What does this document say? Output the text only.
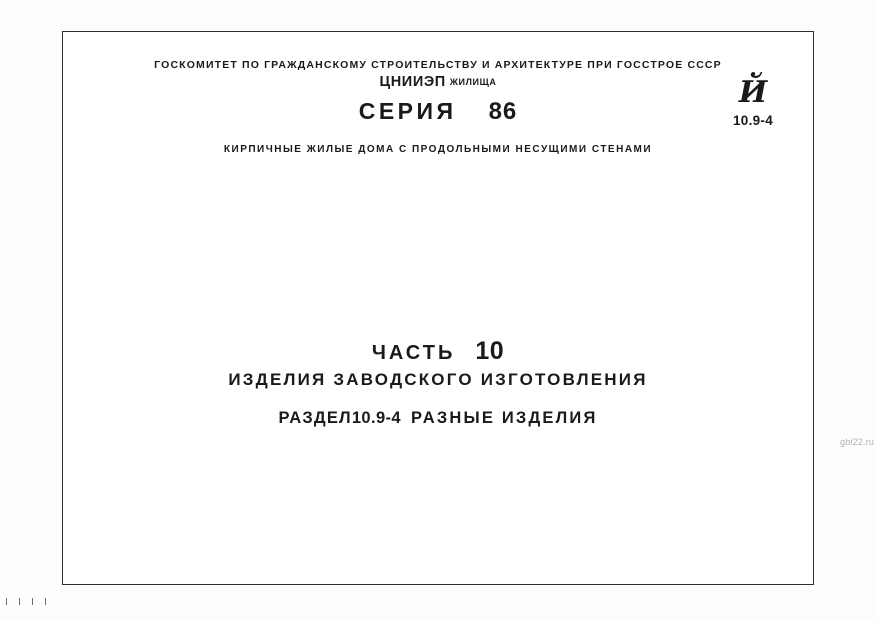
ГОСКОМИТЕТ ПО ГРАЖДАНСКОМУ СТРОИТЕЛЬСТВУ И АРХИТЕКТУРЕ ПРИ ГОССТРОЕ СССР
ЦНИИЭП ЖИЛИЩА
СЕРИЯ 86
КИРПИЧНЫЕ ЖИЛЫЕ ДОМА С ПРОДОЛЬНЫМИ НЕСУЩИМИ СТЕНАМИ
Й
10.9-4
ЧАСТЬ 10
ИЗДЕЛИЯ ЗАВОДСКОГО ИЗГОТОВЛЕНИЯ
РАЗДЕЛ10.9-4 РАЗНЫЕ ИЗДЕЛИЯ
gbi22.ru
